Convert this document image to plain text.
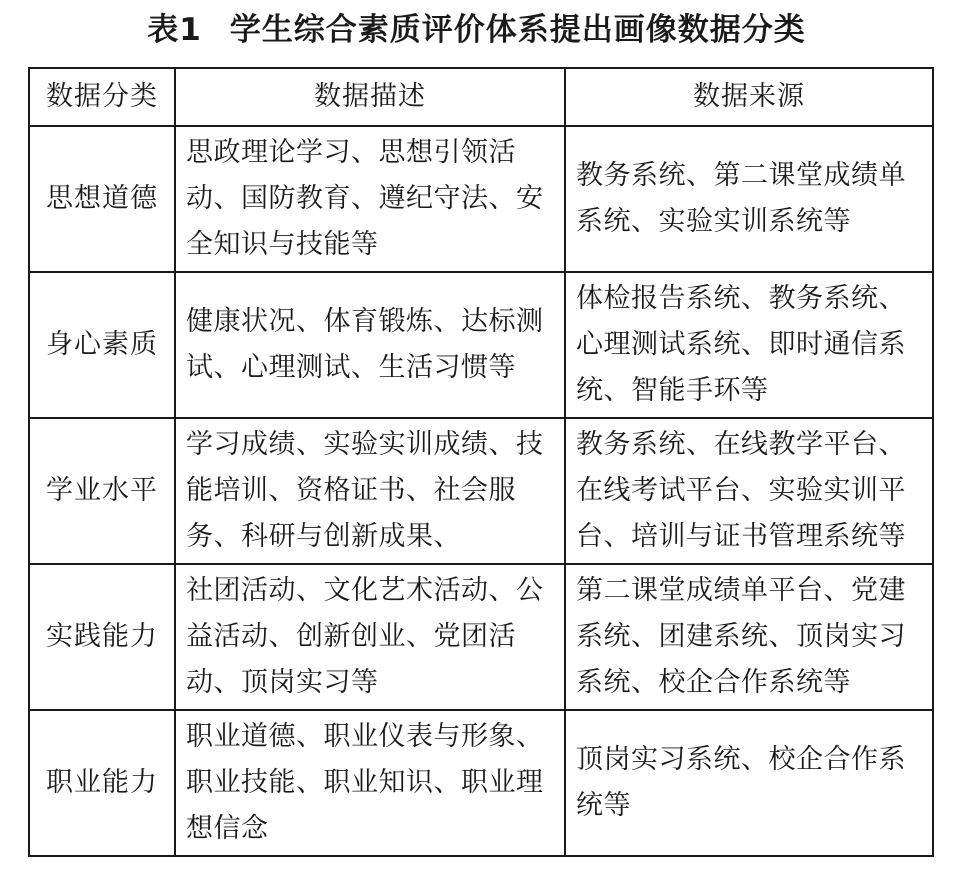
表1 学生综合素质评价体系提出画像数据分类
数据分类	数据描述	数据来源
思想道德	思政理论学习、思想引领活动、国防教育、遵纪守法、安全知识与技能等	教务系统、第二课堂成绩单系统、实验实训系统等
身心素质	健康状况、体育锻炼、达标测试、心理测试、生活习惯等	体检报告系统、教务系统、心理测试系统、即时通信系统、智能手环等
学业水平	学习成绩、实验实训成绩、技能培训、资格证书、社会服务、科研与创新成果、	教务系统、在线教学平台、在线考试平台、实验实训平台、培训与证书管理系统等
实践能力	社团活动、文化艺术活动、公益活动、创新创业、党团活动、顶岗实习等	第二课堂成绩单平台、党建系统、团建系统、顶岗实习系统、校企合作系统等
职业能力	职业道德、职业仪表与形象、职业技能、职业知识、职业理想信念	顶岗实习系统、校企合作系统等
